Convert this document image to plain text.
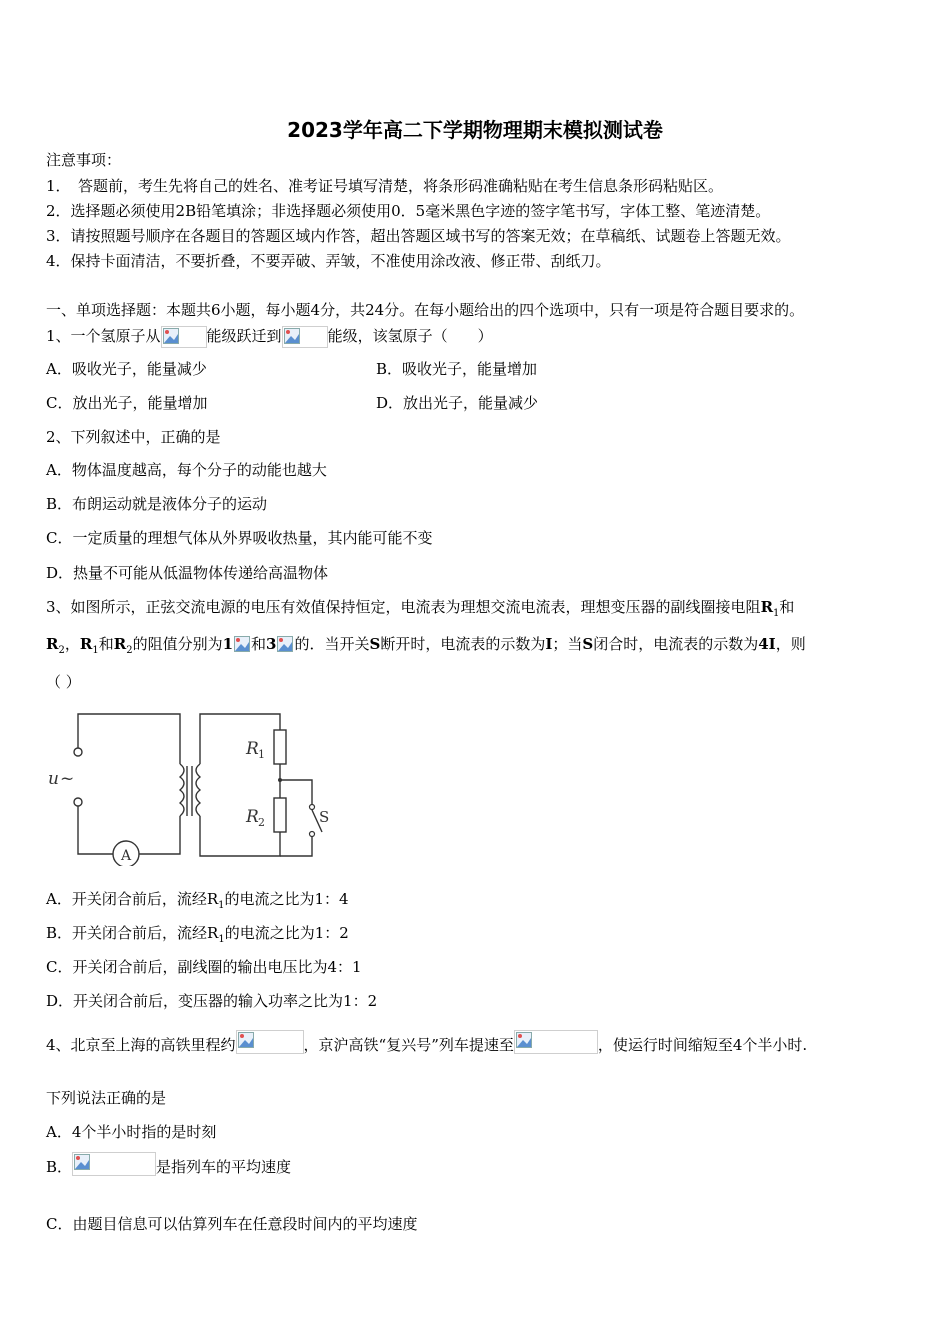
2023学年高二下学期物理期末模拟测试卷
注意事项：
1．　答题前，考生先将自己的姓名、准考证号填写清楚，将条形码准确粘贴在考生信息条形码粘贴区。
2．选择题必须使用2B铅笔填涂；非选择题必须使用0．5毫米黑色字迹的签字笔书写，字体工整、笔迹清楚。
3．请按照题号顺序在各题目的答题区域内作答，超出答题区域书写的答案无效；在草稿纸、试题卷上答题无效。
4．保持卡面清洁，不要折叠，不要弄破、弄皱，不准使用涂改液、修正带、刮纸刀。
一、单项选择题：本题共6小题，每小题4分，共24分。在每小题给出的四个选项中，只有一项是符合题目要求的。
1、一个氢原子从	能级跃迁到	能级，该氢原子（　　）
A．吸收光子，能量减少	B．吸收光子，能量增加
C．放出光子，能量增加	D．放出光子，能量减少
2、下列叙述中，正确的是
A．物体温度越高，每个分子的动能也越大
B．布朗运动就是液体分子的运动
C．一定质量的理想气体从外界吸收热量，其内能可能不变
D．热量不可能从低温物体传递给高温物体
3、如图所示，正弦交流电源的电压有效值保持恒定，电流表为理想交流电流表，理想变压器的副线圈接电阻$R_1$和
$R_2$，$R_1$和$R_2$的阻值分别为1 和3 的．当开关S断开时，电流表的示数为I；当S闭合时，电流表的示数为4I，则
（ ）
u ~
R 1
R 2	S
A
A．开关闭合前后，流经$R_1$的电流之比为1：4
B．开关闭合前后，流经$R_1$的电流之比为1：2
C．开关闭合前后，副线圈的输出电压比为4：1
D．开关闭合前后，变压器的输入功率之比为1：2
4、北京至上海的高铁里程约	，京沪高铁“复兴号”列车提速至	，使运行时间缩短至4个半小时.
下列说法正确的是
A．4个半小时指的是时刻
B．	是指列车的平均速度
C．由题目信息可以估算列车在任意段时间内的平均速度
